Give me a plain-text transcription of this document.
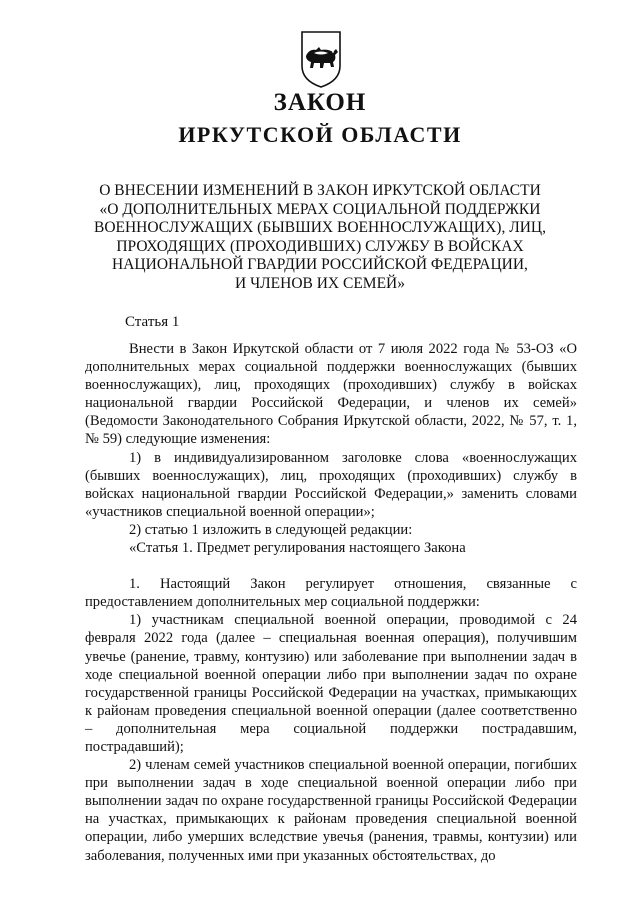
ЗАКОН
ИРКУТСКОЙ ОБЛАСТИ
О ВНЕСЕНИИ ИЗМЕНЕНИЙ В ЗАКОН ИРКУТСКОЙ ОБЛАСТИ
«О ДОПОЛНИТЕЛЬНЫХ МЕРАХ СОЦИАЛЬНОЙ ПОДДЕРЖКИ
ВОЕННОСЛУЖАЩИХ (БЫВШИХ ВОЕННОСЛУЖАЩИХ), ЛИЦ,
ПРОХОДЯЩИХ (ПРОХОДИВШИХ) СЛУЖБУ В ВОЙСКАХ
НАЦИОНАЛЬНОЙ ГВАРДИИ РОССИЙСКОЙ ФЕДЕРАЦИИ,
И ЧЛЕНОВ ИХ СЕМЕЙ»
Статья 1

Внести в Закон Иркутской области от 7 июля 2022 года № 53-ОЗ «О дополнительных мерах социальной поддержки военнослужащих (бывших военнослужащих), лиц, проходящих (проходивших) службу в войсках национальной гвардии Российской Федерации, и членов их семей» (Ведомости Законодательного Собрания Иркутской области, 2022, № 57, т. 1, № 59) следующие изменения:

1) в индивидуализированном заголовке слова «военнослужащих (бывших военнослужащих), лиц, проходящих (проходивших) службу в войсках национальной гвардии Российской Федерации,» заменить словами «участников специальной военной операции»;

2) статью 1 изложить в следующей редакции:

«Статья 1. Предмет регулирования настоящего Закона

1. Настоящий Закон регулирует отношения, связанные с предоставлением дополнительных мер социальной поддержки:

1) участникам специальной военной операции, проводимой с 24 февраля 2022 года (далее – специальная военная операция), получившим увечье (ранение, травму, контузию) или заболевание при выполнении задач в ходе специальной военной операции либо при выполнении задач по охране государственной границы Российской Федерации на участках, примыкающих к районам проведения специальной военной операции (далее соответственно – дополнительная мера социальной поддержки пострадавшим, пострадавший);

2) членам семей участников специальной военной операции, погибших при выполнении задач в ходе специальной военной операции либо при выполнении задач по охране государственной границы Российской Федерации на участках, примыкающих к районам проведения специальной военной операции, либо умерших вследствие увечья (ранения, травмы, контузии) или заболевания, полученных ими при указанных обстоятельствах, до
